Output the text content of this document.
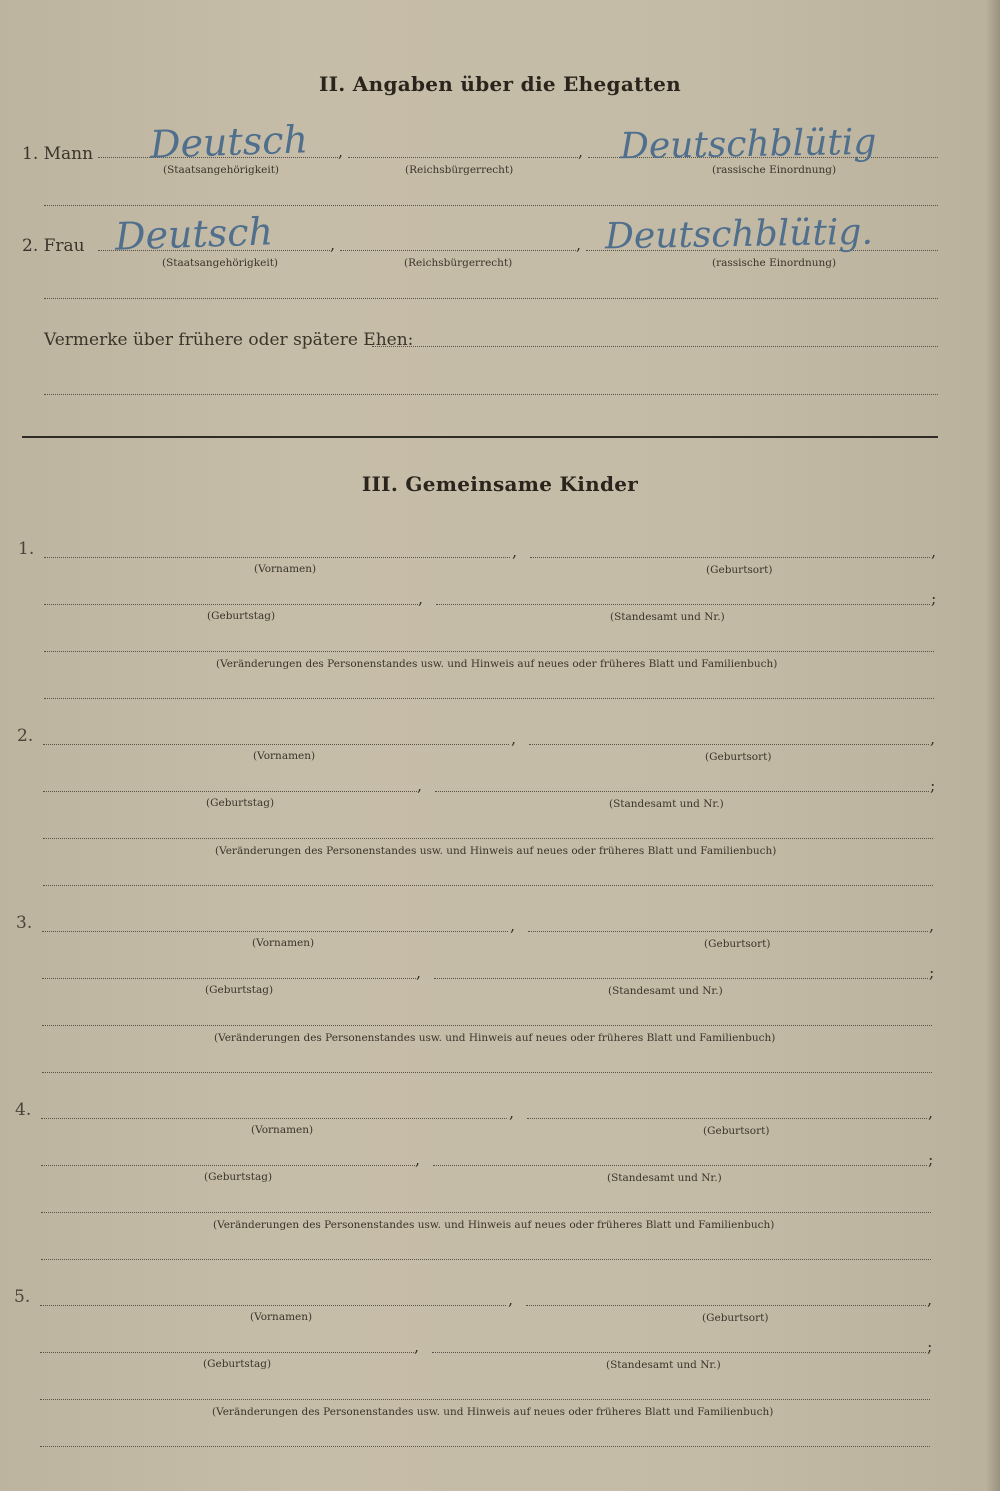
II. Angaben über die Ehegatten
1. Mann Deutsch ,	, Deutschblütig
(Staatsangehörigkeit)	(Reichsbürgerrecht)	(rassische Einordnung)
2. Frau Deutsch	,	, Deutschblütig.
(Staatsangehörigkeit)	(Reichsbürgerrecht)	(rassische Einordnung)
Vermerke über frühere oder spätere Ehen:
III. Gemeinsame Kinder
1.	,	,
(Vornamen)	(Geburtsort)
,	;
(Geburtstag)	(Standesamt und Nr.)
(Veränderungen des Personenstandes usw. und Hinweis auf neues oder früheres Blatt und Familienbuch)
2.	,	,
(Vornamen)	(Geburtsort)
,	;
(Geburtstag)	(Standesamt und Nr.)
(Veränderungen des Personenstandes usw. und Hinweis auf neues oder früheres Blatt und Familienbuch)
3.	,	,
(Vornamen)	(Geburtsort)
,	;
(Geburtstag)	(Standesamt und Nr.)
(Veränderungen des Personenstandes usw. und Hinweis auf neues oder früheres Blatt und Familienbuch)
4.	,	,
(Vornamen)	(Geburtsort)
,	;
(Geburtstag)	(Standesamt und Nr.)
(Veränderungen des Personenstandes usw. und Hinweis auf neues oder früheres Blatt und Familienbuch)
5.	,	,
(Vornamen)	(Geburtsort)
,	;
(Geburtstag)	(Standesamt und Nr.)
(Veränderungen des Personenstandes usw. und Hinweis auf neues oder früheres Blatt und Familienbuch)
